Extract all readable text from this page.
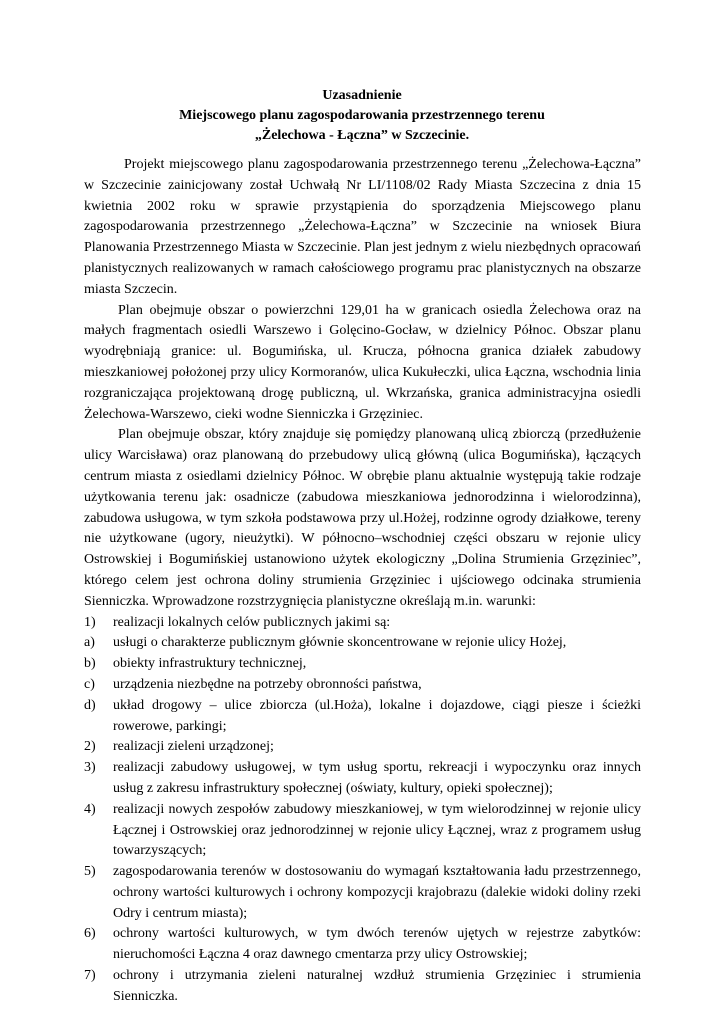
Uzasadnienie
Miejscowego planu zagospodarowania przestrzennego terenu
„Żelechowa - Łączna” w Szczecinie.

Projekt miejscowego planu zagospodarowania przestrzennego terenu „Żelechowa-Łączna” w Szczecinie zainicjowany został Uchwałą Nr LI/1108/02 Rady Miasta Szczecina z dnia 15 kwietnia 2002 roku w sprawie przystąpienia do sporządzenia Miejscowego planu zagospodarowania przestrzennego „Żelechowa-Łączna” w Szczecinie na wniosek Biura Planowania Przestrzennego Miasta w Szczecinie. Plan jest jednym z wielu niezbędnych opracowań planistycznych realizowanych w ramach całościowego programu prac planistycznych na obszarze miasta Szczecin.

Plan obejmuje obszar o powierzchni 129,01 ha w granicach osiedla Żelechowa oraz na małych fragmentach osiedli Warszewo i Golęcino-Gocław, w dzielnicy Północ. Obszar planu wyodrębniają granice: ul. Bogumińska, ul. Krucza, północna granica działek zabudowy mieszkaniowej położonej przy ulicy Kormoranów, ulica Kukułeczki, ulica Łączna, wschodnia linia rozgraniczająca projektowaną drogę publiczną, ul. Wkrzańska, granica administracyjna osiedli Żelechowa-Warszewo, cieki wodne Sienniczka i Grzęziniec.

Plan obejmuje obszar, który znajduje się pomiędzy planowaną ulicą zbiorczą (przedłużenie ulicy Warcisława) oraz planowaną do przebudowy ulicą główną (ulica Bogumińska), łączących centrum miasta z osiedlami dzielnicy Północ. W obrębie planu aktualnie występują takie rodzaje użytkowania terenu jak: osadnicze (zabudowa mieszkaniowa jednorodzinna i wielorodzinna), zabudowa usługowa, w tym szkoła podstawowa przy ul.Hożej, rodzinne ogrody działkowe, tereny nie użytkowane (ugory, nieużytki). W północno–wschodniej części obszaru w rejonie ulicy Ostrowskiej i Bogumińskiej ustanowiono użytek ekologiczny „Dolina Strumienia Grzęziniec”, którego celem jest ochrona doliny strumienia Grzęziniec i ujściowego odcinaka strumienia Sienniczka. Wprowadzone rozstrzygnięcia planistyczne określają m.in. warunki:

1) realizacji lokalnych celów publicznych jakimi są:
a) usługi o charakterze publicznym głównie skoncentrowane w rejonie ulicy Hożej,
b) obiekty infrastruktury technicznej,
c) urządzenia niezbędne na potrzeby obronności państwa,
d) układ drogowy – ulice zbiorcza (ul.Hoża), lokalne i dojazdowe, ciągi piesze i ścieżki rowerowe, parkingi;
2) realizacji zieleni urządzonej;
3) realizacji zabudowy usługowej, w tym usług sportu, rekreacji i wypoczynku oraz innych usług z zakresu infrastruktury społecznej (oświaty, kultury, opieki społecznej);
4) realizacji nowych zespołów zabudowy mieszkaniowej, w tym wielorodzinnej w rejonie ulicy Łącznej i Ostrowskiej oraz jednorodzinnej w rejonie ulicy Łącznej, wraz z programem usług towarzyszących;
5) zagospodarowania terenów w dostosowaniu do wymagań kształtowania ładu przestrzennego, ochrony wartości kulturowych i ochrony kompozycji krajobrazu (dalekie widoki doliny rzeki Odry i centrum miasta);
6) ochrony wartości kulturowych, w tym dwóch terenów ujętych w rejestrze zabytków: nieruchomości Łączna 4 oraz dawnego cmentarza przy ulicy Ostrowskiej;
7) ochrony i utrzymania zieleni naturalnej wzdłuż strumienia Grzęziniec i strumienia Sienniczka.
